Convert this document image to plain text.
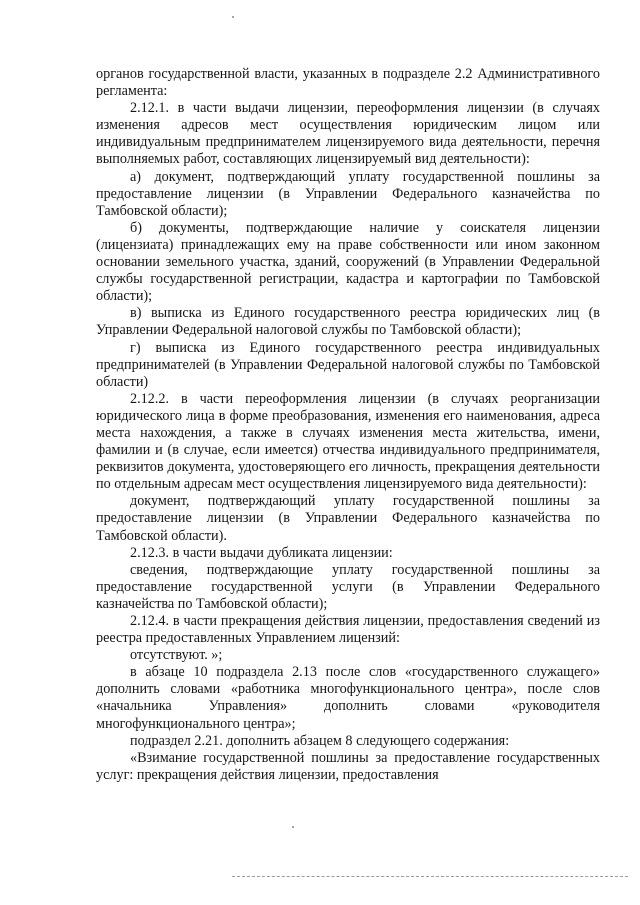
органов государственной власти, указанных в подразделе 2.2 Административного регламента:

2.12.1. в части выдачи лицензии, переоформления лицензии (в случаях изменения адресов мест осуществления юридическим лицом или индивидуальным предпринимателем лицензируемого вида деятельности, перечня выполняемых работ, составляющих лицензируемый вид деятельности):

а) документ, подтверждающий уплату государственной пошлины за предоставление лицензии (в Управлении Федерального казначейства по Тамбовской области);

б) документы, подтверждающие наличие у соискателя лицензии (лицензиата) принадлежащих ему на праве собственности или ином законном основании земельного участка, зданий, сооружений (в Управлении Федеральной службы государственной регистрации, кадастра и картографии по Тамбовской области);

в) выписка из Единого государственного реестра юридических лиц (в Управлении Федеральной налоговой службы по Тамбовской области);

г) выписка из Единого государственного реестра индивидуальных предпринимателей (в Управлении Федеральной налоговой службы по Тамбовской области)

2.12.2. в части переоформления лицензии (в случаях реорганизации юридического лица в форме преобразования, изменения его наименования, адреса места нахождения, а также в случаях изменения места жительства, имени, фамилии и (в случае, если имеется) отчества индивидуального предпринимателя, реквизитов документа, удостоверяющего его личность, прекращения деятельности по отдельным адресам мест осуществления лицензируемого вида деятельности):

документ, подтверждающий уплату государственной пошлины за предоставление лицензии (в Управлении Федерального казначейства по Тамбовской области).

2.12.3. в части выдачи дубликата лицензии:

сведения, подтверждающие уплату государственной пошлины за предоставление государственной услуги (в Управлении Федерального казначейства по Тамбовской области);

2.12.4. в части прекращения действия лицензии, предоставления сведений из реестра предоставленных Управлением лицензий:

отсутствуют. »;

в абзаце 10 подраздела 2.13 после слов «государственного служащего» дополнить словами «работника многофункционального центра», после слов «начальника Управления» дополнить словами «руководителя многофункционального центра»;

подраздел 2.21. дополнить абзацем 8 следующего содержания:

«Взимание государственной пошлины за предоставление государственных услуг: прекращения действия лицензии, предоставления
